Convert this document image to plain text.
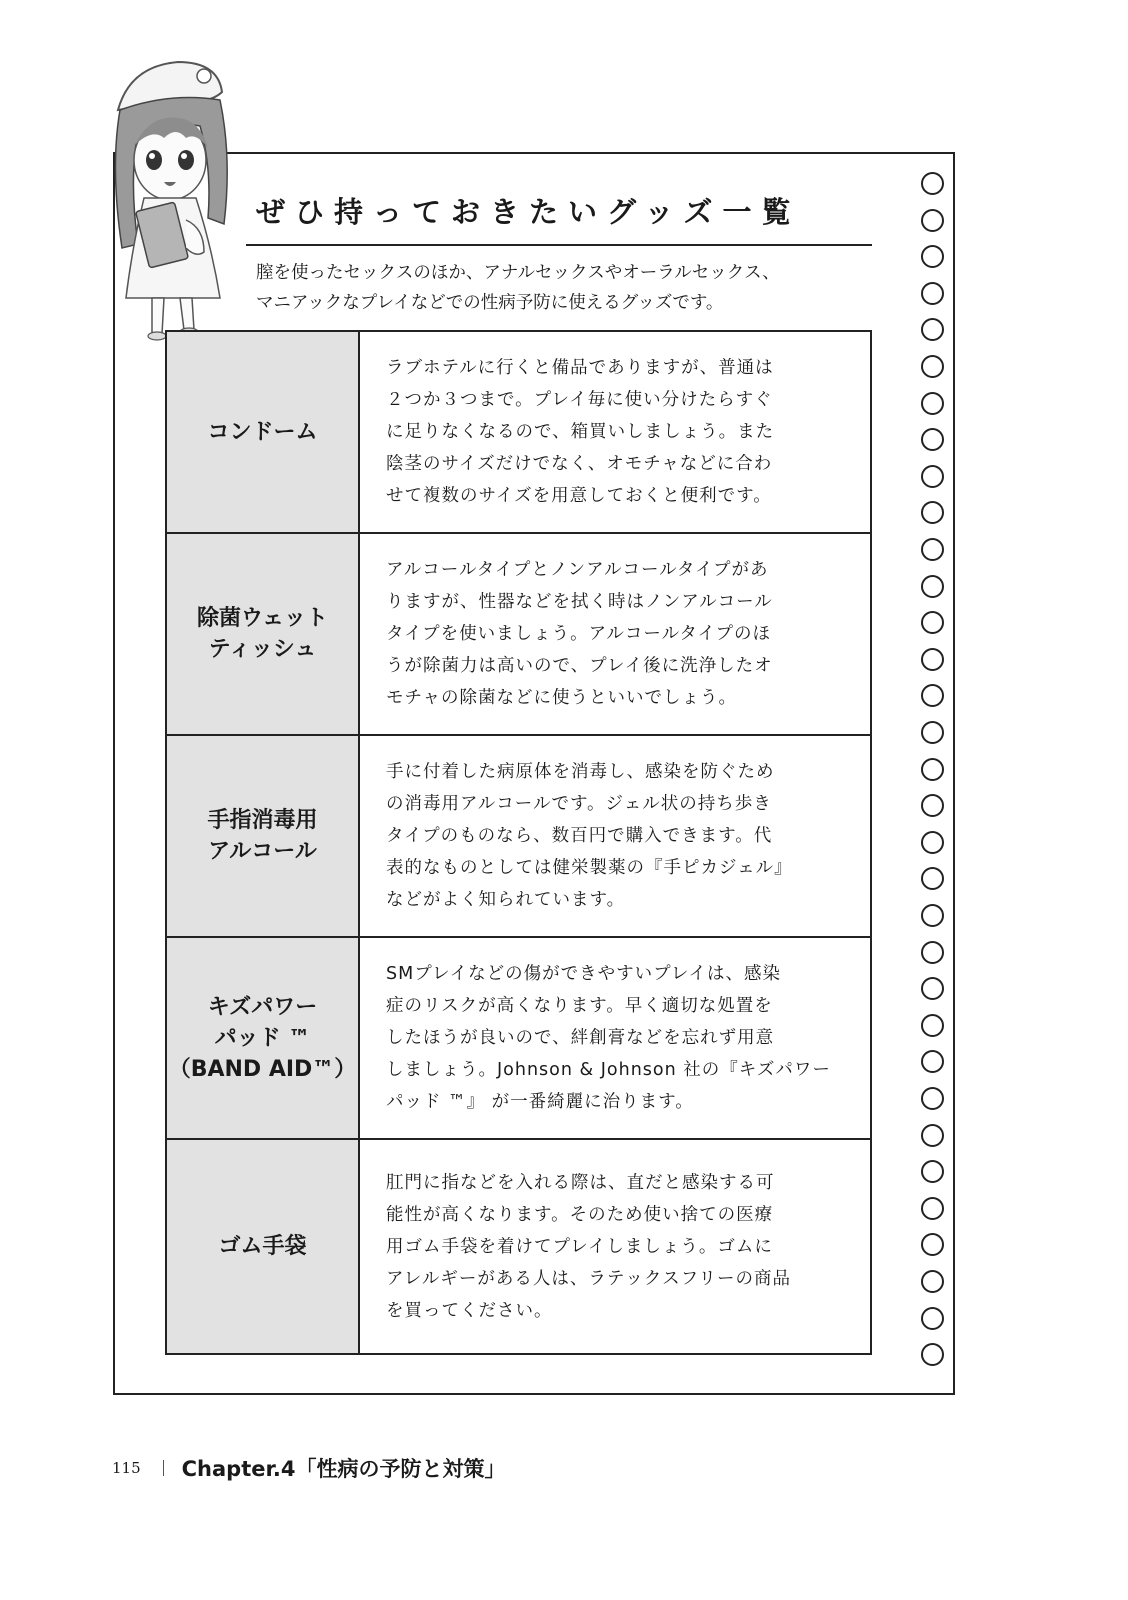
ぜひ持っておきたいグッズ一覧
膣を使ったセックスのほか、アナルセックスやオーラルセックス、
マニアックなプレイなどでの性病予防に使えるグッズです。
コンドーム
ラブホテルに行くと備品でありますが、普通は
２つか３つまで。プレイ毎に使い分けたらすぐ
に足りなくなるので、箱買いしましょう。また
陰茎のサイズだけでなく、オモチャなどに合わ
せて複数のサイズを用意しておくと便利です。
除菌ウェット
ティッシュ
アルコールタイプとノンアルコールタイプがあ
りますが、性器などを拭く時はノンアルコール
タイプを使いましょう。アルコールタイプのほ
うが除菌力は高いので、プレイ後に洗浄したオ
モチャの除菌などに使うといいでしょう。
手指消毒用
アルコール
手に付着した病原体を消毒し、感染を防ぐため
の消毒用アルコールです。ジェル状の持ち歩き
タイプのものなら、数百円で購入できます。代
表的なものとしては健栄製薬の『手ピカジェル』
などがよく知られています。
キズパワー
パッド ™
（BAND AID™）
SMプレイなどの傷ができやすいプレイは、感染
症のリスクが高くなります。早く適切な処置を
したほうが良いので、絆創膏などを忘れず用意
しましょう。Johnson & Johnson 社の『キズパワー
パッド ™』 が一番綺麗に治ります。
ゴム手袋
肛門に指などを入れる際は、直だと感染する可
能性が高くなります。そのため使い捨ての医療
用ゴム手袋を着けてプレイしましょう。ゴムに
アレルギーがある人は、ラテックスフリーの商品
を買ってください。
115 Chapter.4「性病の予防と対策」
